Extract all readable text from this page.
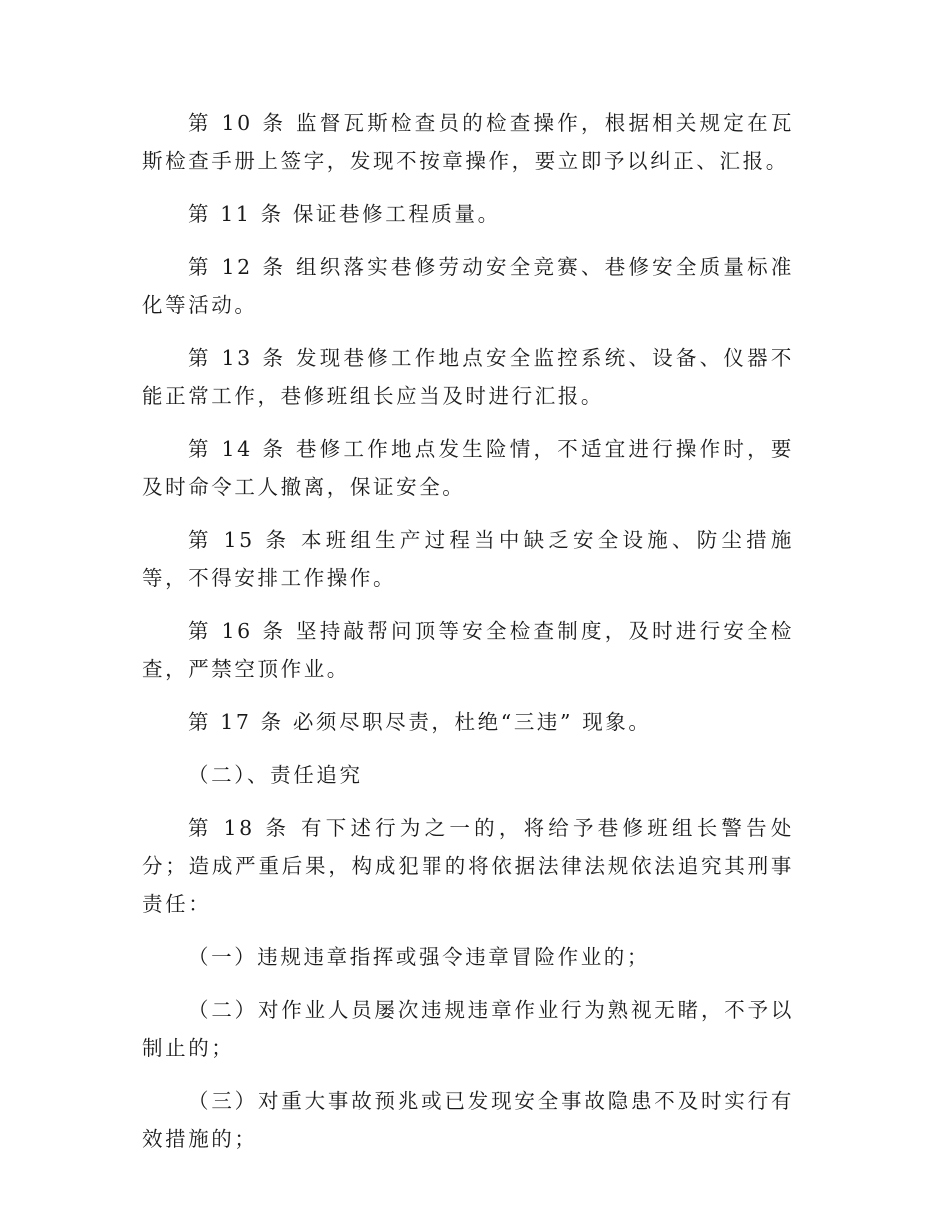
第 10 条 监督瓦斯检查员的检查操作，根据相关规定在瓦斯检查手册上签字，发现不按章操作，要立即予以纠正、汇报。

第 11 条 保证巷修工程质量。

第 12 条 组织落实巷修劳动安全竞赛、巷修安全质量标准化等活动。

第 13 条 发现巷修工作地点安全监控系统、设备、仪器不能正常工作，巷修班组长应当及时进行汇报。

第 14 条 巷修工作地点发生险情，不适宜进行操作时，要及时命令工人撤离，保证安全。

第 15 条 本班组生产过程当中缺乏安全设施、防尘措施等，不得安排工作操作。

第 16 条 坚持敲帮问顶等安全检查制度，及时进行安全检查，严禁空顶作业。

第 17 条 必须尽职尽责，杜绝“三违” 现象。

（二）、责任追究

第 18 条 有下述行为之一的，将给予巷修班组长警告处分；造成严重后果，构成犯罪的将依据法律法规依法追究其刑事责任：

（一）违规违章指挥或强令违章冒险作业的；

（二）对作业人员屡次违规违章作业行为熟视无睹，不予以制止的；

（三）对重大事故预兆或已发现安全事故隐患不及时实行有效措施的；
